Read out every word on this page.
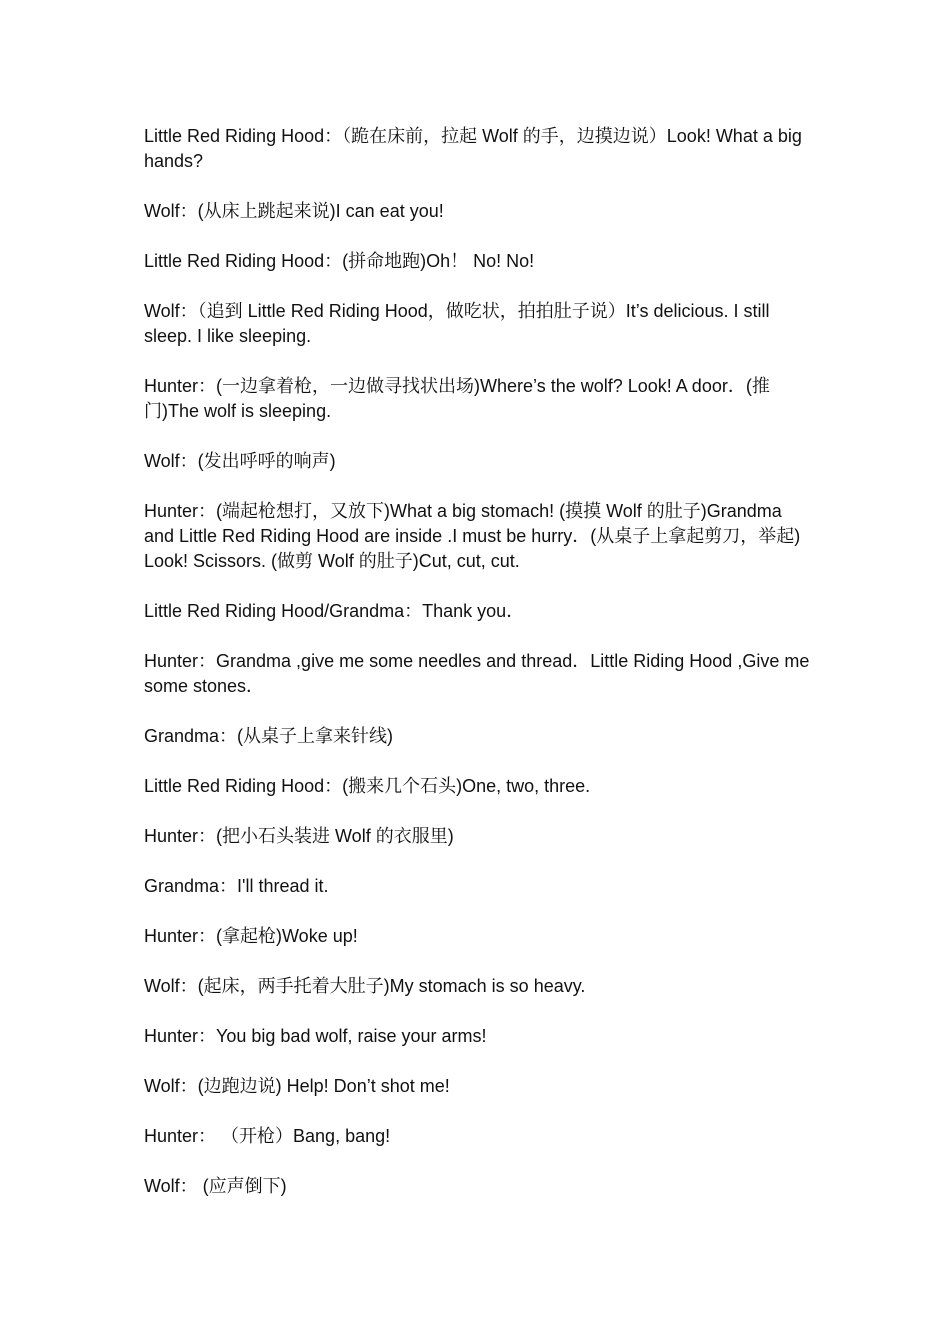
Little Red Riding Hood：（跪在床前，拉起 Wolf 的手，边摸边说）Look! What a big hands?

Wolf：(从床上跳起来说)I can eat you!

Little Red Riding Hood：(拼命地跑)Oh！ No! No!

Wolf：（追到 Little Red Riding Hood，做吃状，拍拍肚子说）It’s delicious. I still sleep. I like sleeping.

Hunter：(一边拿着枪，一边做寻找状出场)Where’s the wolf? Look! A door．(推门)The wolf is sleeping.

Wolf：(发出呼呼的响声)

Hunter：(端起枪想打，又放下)What a big stomach! (摸摸 Wolf 的肚子)Grandma and Little Red Riding Hood are inside .I must be hurry．(从桌子上拿起剪刀，举起) Look! Scissors. (做剪 Wolf 的肚子)Cut, cut, cut.

Little Red Riding Hood/Grandma：Thank you．

Hunter：Grandma ,give me some needles and thread．Little Riding Hood ,Give me some stones．

Grandma：(从桌子上拿来针线)

Little Red Riding Hood：(搬来几个石头)One, two, three.

Hunter：(把小石头装进 Wolf 的衣服里)

Grandma：I'll thread it.

Hunter：(拿起枪)Woke up!

Wolf：(起床，两手托着大肚子)My stomach is so heavy.

Hunter：You big bad wolf, raise your arms!

Wolf：(边跑边说) Help! Don’t shot me!

Hunter： （开枪）Bang, bang!

Wolf： (应声倒下)
